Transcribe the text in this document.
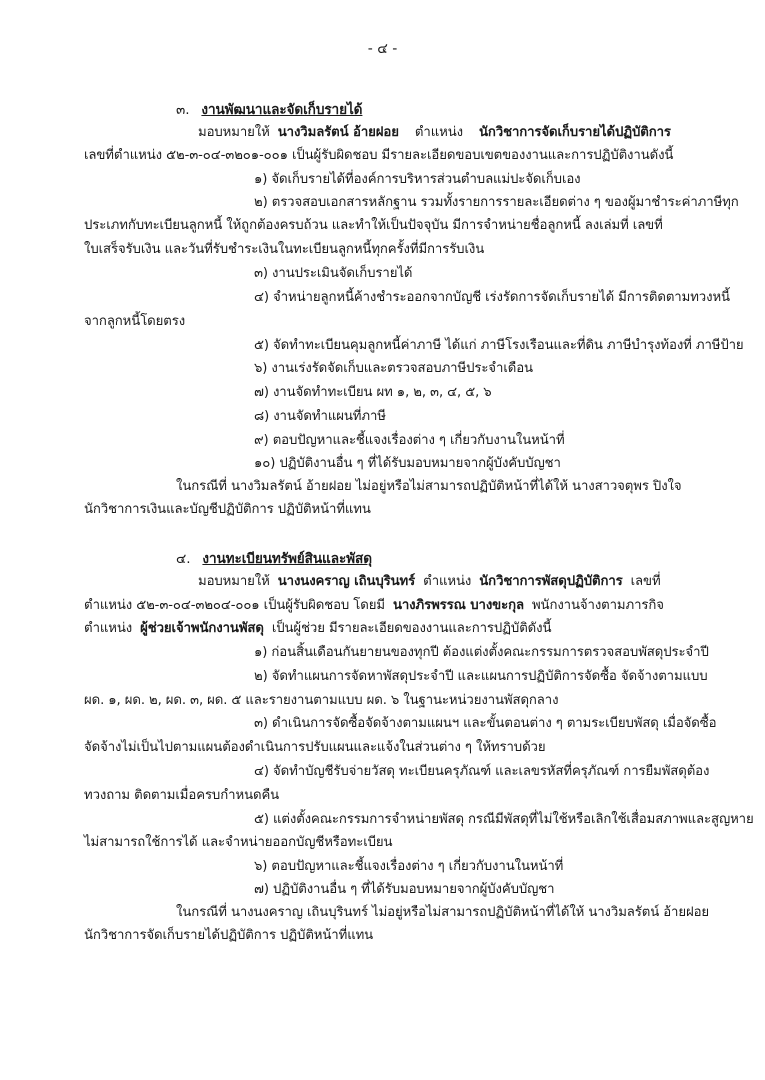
- ๔ -
๓. งานพัฒนาและจัดเก็บรายได้
มอบหมายให้ นางวิมลรัตน์ อ้ายฝอย ตำแหน่ง นักวิชาการจัดเก็บรายได้ปฏิบัติการ
เลขที่ตำแหน่ง ๕๒-๓-๐๔-๓๒๐๑-๐๐๑ เป็นผู้รับผิดชอบ มีรายละเอียดขอบเขตของงานและการปฏิบัติงานดังนี้
๑) จัดเก็บรายได้ที่องค์การบริหารส่วนตำบลแม่ปะจัดเก็บเอง
๒) ตรวจสอบเอกสารหลักฐาน รวมทั้งรายการรายละเอียดต่าง ๆ ของผู้มาชำระค่าภาษีทุก
ประเภทกับทะเบียนลูกหนี้ ให้ถูกต้องครบถ้วน และทำให้เป็นปัจจุบัน มีการจำหน่ายชื่อลูกหนี้ ลงเล่มที่ เลขที่
ใบเสร็จรับเงิน และวันที่รับชำระเงินในทะเบียนลูกหนี้ทุกครั้งที่มีการรับเงิน
๓) งานประเมินจัดเก็บรายได้
๔) จำหน่ายลูกหนี้ค้างชำระออกจากบัญชี เร่งรัดการจัดเก็บรายได้ มีการติดตามทวงหนี้
จากลูกหนี้โดยตรง
๕) จัดทำทะเบียนคุมลูกหนี้ค่าภาษี ได้แก่ ภาษีโรงเรือนและที่ดิน ภาษีบำรุงท้องที่ ภาษีป้าย
๖) งานเร่งรัดจัดเก็บและตรวจสอบภาษีประจำเดือน
๗) งานจัดทำทะเบียน ผท ๑, ๒, ๓, ๔, ๕, ๖
๘) งานจัดทำแผนที่ภาษี
๙) ตอบปัญหาและชี้แจงเรื่องต่าง ๆ เกี่ยวกับงานในหน้าที่
๑๐) ปฏิบัติงานอื่น ๆ ที่ได้รับมอบหมายจากผู้บังคับบัญชา
ในกรณีที่ นางวิมลรัตน์ อ้ายฝอย ไม่อยู่หรือไม่สามารถปฏิบัติหน้าที่ได้ให้ นางสาวจตุพร ปิงใจ
นักวิชาการเงินและบัญชีปฏิบัติการ ปฏิบัติหน้าที่แทน
๔. งานทะเบียนทรัพย์สินและพัสดุ
มอบหมายให้ นางนงคราญ เถินบุรินทร์ ตำแหน่ง นักวิชาการพัสดุปฏิบัติการ เลขที่
ตำแหน่ง ๕๒-๓-๐๔-๓๒๐๔-๐๐๑ เป็นผู้รับผิดชอบ โดยมี นางภิรพรรณ บางขะกุล พนักงานจ้างตามภารกิจ
ตำแหน่ง ผู้ช่วยเจ้าพนักงานพัสดุ เป็นผู้ช่วย มีรายละเอียดของงานและการปฏิบัติดังนี้
๑) ก่อนสิ้นเดือนกันยายนของทุกปี ต้องแต่งตั้งคณะกรรมการตรวจสอบพัสดุประจำปี
๒) จัดทำแผนการจัดหาพัสดุประจำปี และแผนการปฏิบัติการจัดซื้อ จัดจ้างตามแบบ
ผด. ๑, ผด. ๒, ผด. ๓, ผด. ๕ และรายงานตามแบบ ผด. ๖ ในฐานะหน่วยงานพัสดุกลาง
๓) ดำเนินการจัดซื้อจัดจ้างตามแผนฯ และขั้นตอนต่าง ๆ ตามระเบียบพัสดุ เมื่อจัดซื้อ
จัดจ้างไม่เป็นไปตามแผนต้องดำเนินการปรับแผนและแจ้งในส่วนต่าง ๆ ให้ทราบด้วย
๔) จัดทำบัญชีรับจ่ายวัสดุ ทะเบียนครุภัณฑ์ และเลขรหัสที่ครุภัณฑ์ การยืมพัสดุต้อง
ทวงถาม ติดตามเมื่อครบกำหนดคืน
๕) แต่งตั้งคณะกรรมการจำหน่ายพัสดุ กรณีมีพัสดุที่ไม่ใช้หรือเลิกใช้เสื่อมสภาพและสูญหาย
ไม่สามารถใช้การได้ และจำหน่ายออกบัญชีหรือทะเบียน
๖) ตอบปัญหาและชี้แจงเรื่องต่าง ๆ เกี่ยวกับงานในหน้าที่
๗) ปฏิบัติงานอื่น ๆ ที่ได้รับมอบหมายจากผู้บังคับบัญชา
ในกรณีที่ นางนงคราญ เถินบุรินทร์ ไม่อยู่หรือไม่สามารถปฏิบัติหน้าที่ได้ให้ นางวิมลรัตน์ อ้ายฝอย
นักวิชาการจัดเก็บรายได้ปฏิบัติการ ปฏิบัติหน้าที่แทน
